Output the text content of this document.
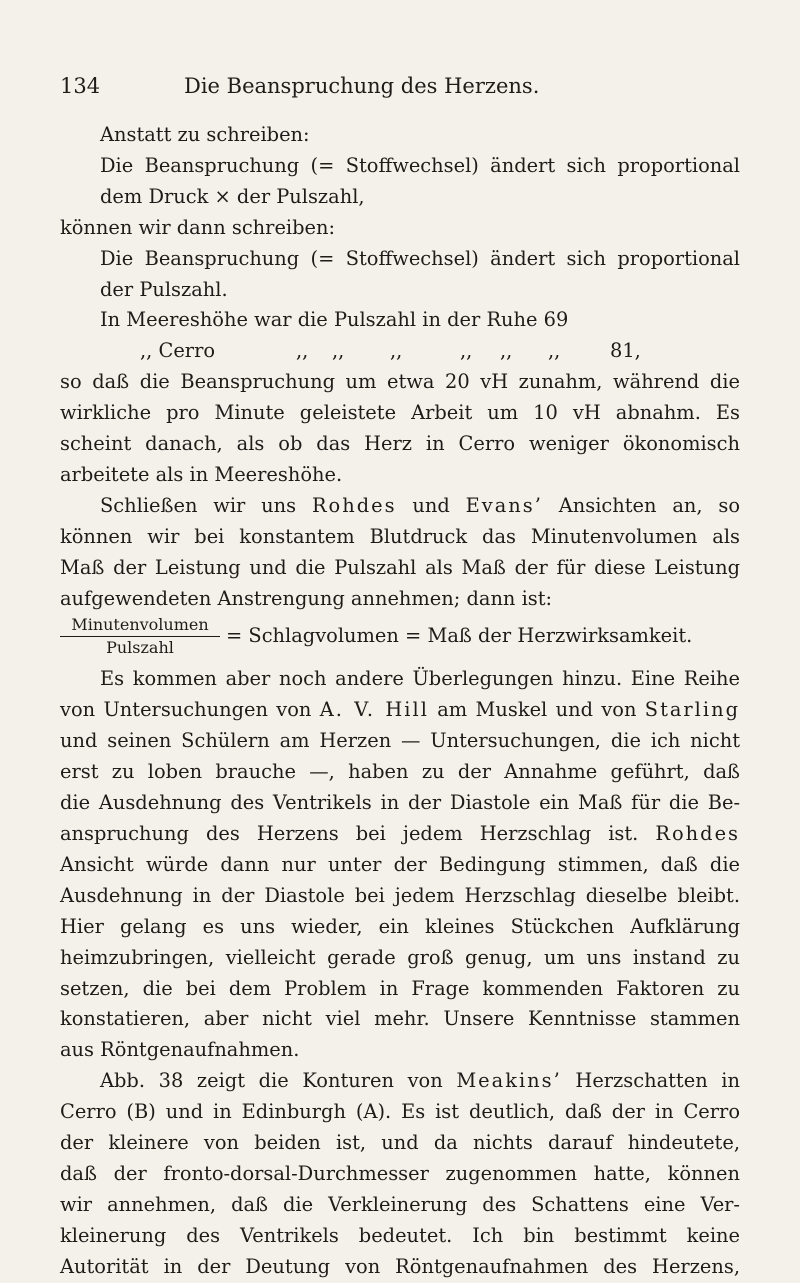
134	Die Beanspruchung des Herzens.

Anstatt zu schreiben:

Die Beanspruchung (= Stoffwechsel) ändert sich proportional

dem Druck × der Pulszahl,

können wir dann schreiben:

Die Beanspruchung (= Stoffwechsel) ändert sich proportional

der Pulszahl.

In Meereshöhe war die Pulszahl in der Ruhe 69

,, Cerro	,, ,, ,,	,, ,, ,,	81,

so daß die Beanspruchung um etwa 20 vH zunahm, während die

wirkliche pro Minute geleistete Arbeit um 10 vH abnahm. Es

scheint danach, als ob das Herz in Cerro weniger ökonomisch

arbeitete als in Meereshöhe.

Schließen wir uns Rohdes und Evans’ Ansichten an, so

können wir bei konstantem Blutdruck das Minutenvolumen als

Maß der Leistung und die Pulszahl als Maß der für diese Leistung

aufgewendeten Anstrengung annehmen; dann ist:

Minutenvolumen
Pulszahl
= Schlagvolumen = Maß der Herzwirksamkeit.

Es kommen aber noch andere Überlegungen hinzu. Eine Reihe

von Untersuchungen von A. V. Hill am Muskel und von Starling

und seinen Schülern am Herzen — Untersuchungen, die ich nicht

erst zu loben brauche —, haben zu der Annahme geführt, daß

die Ausdehnung des Ventrikels in der Diastole ein Maß für die Be-

anspruchung des Herzens bei jedem Herzschlag ist. Rohdes

Ansicht würde dann nur unter der Bedingung stimmen, daß die

Ausdehnung in der Diastole bei jedem Herzschlag dieselbe bleibt.

Hier gelang es uns wieder, ein kleines Stückchen Aufklärung

heimzubringen, vielleicht gerade groß genug, um uns instand zu

setzen, die bei dem Problem in Frage kommenden Faktoren zu

konstatieren, aber nicht viel mehr. Unsere Kenntnisse stammen

aus Röntgenaufnahmen.

Abb. 38 zeigt die Konturen von Meakins’ Herzschatten in

Cerro (B) und in Edinburgh (A). Es ist deutlich, daß der in Cerro

der kleinere von beiden ist, und da nichts darauf hindeutete,

daß der fronto-dorsal-Durchmesser zugenommen hatte, können

wir annehmen, daß die Verkleinerung des Schattens eine Ver-

kleinerung des Ventrikels bedeutet. Ich bin bestimmt keine

Autorität in der Deutung von Röntgenaufnahmen des Herzens,
